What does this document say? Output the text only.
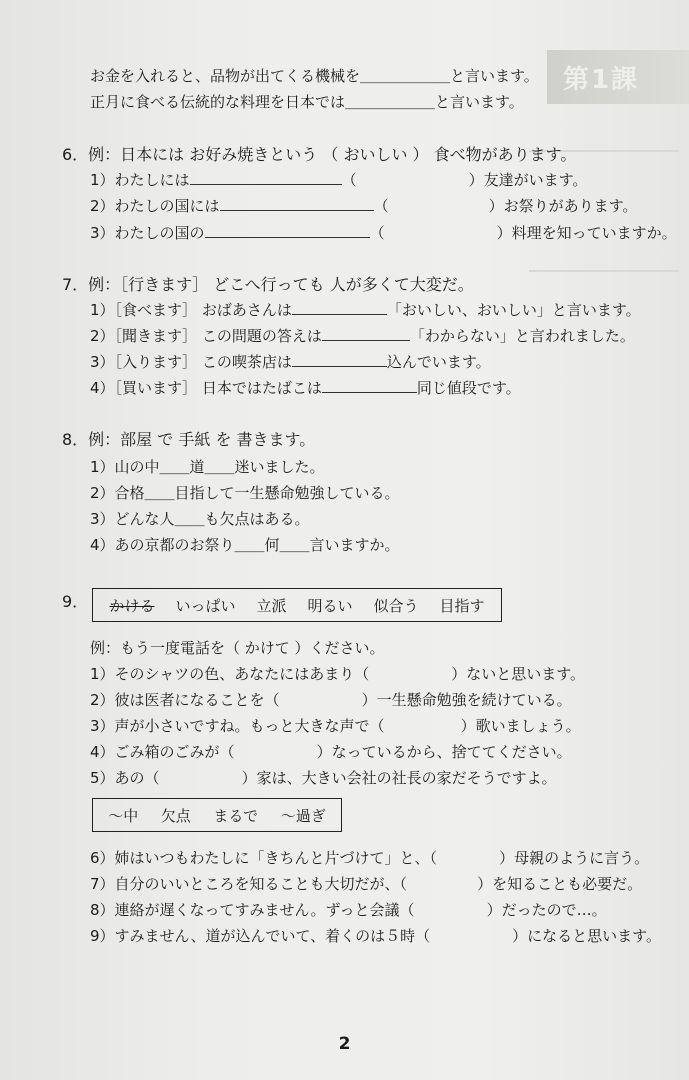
第1課
お金を入れると、品物が出てくる機械を＿＿＿＿＿＿と言います。
正月に食べる伝統的な料理を日本では＿＿＿＿＿＿と言います。
6．例：日本には お好み焼きという （ おいしい ） 食べ物があります。
1）わたしには	（	）友達がいます。
2）わたしの国には	（	）お祭りがあります。
3）わたしの国の	（	）料理を知っていますか。
7．例：［行きます］ どこへ行っても 人が多くて大変だ。
1）［食べます］ おばあさんは	「おいしい、おいしい」と言います。
2）［聞きます］ この問題の答えは	「わからない」と言われました。
3）［入ります］ この喫茶店は	込んでいます。
4）［買います］ 日本ではたばこは	同じ値段です。
8．例：部屋 で 手紙 を 書きます。
1）山の中＿＿道＿＿迷いました。
2）合格＿＿目指して一生懸命勉強している。
3）どんな人＿＿も欠点はある。
4）あの京都のお祭り＿＿何＿＿言いますか。
9． かける いっぱい 立派 明るい 似合う 目指す
例：もう一度電話を（ かけて ）ください。
1）そのシャツの色、あなたにはあまり（	）ないと思います。
2）彼は医者になることを（	）一生懸命勉強を続けている。
3）声が小さいですね。もっと大きな声で（	）歌いましょう。
4）ごみ箱のごみが（	）なっているから、捨ててください。
5）あの（	）家は、大きい会社の社長の家だそうですよ。
～中 欠点 まるで ～過ぎ
6）姉はいつもわたしに「きちんと片づけて」と、（	）母親のように言う。
7）自分のいいところを知ることも大切だが、（	）を知ることも必要だ。
8）連絡が遅くなってすみません。ずっと会議（	）だったので…。
9）すみません、道が込んでいて、着くのは５時（	）になると思います。
2
